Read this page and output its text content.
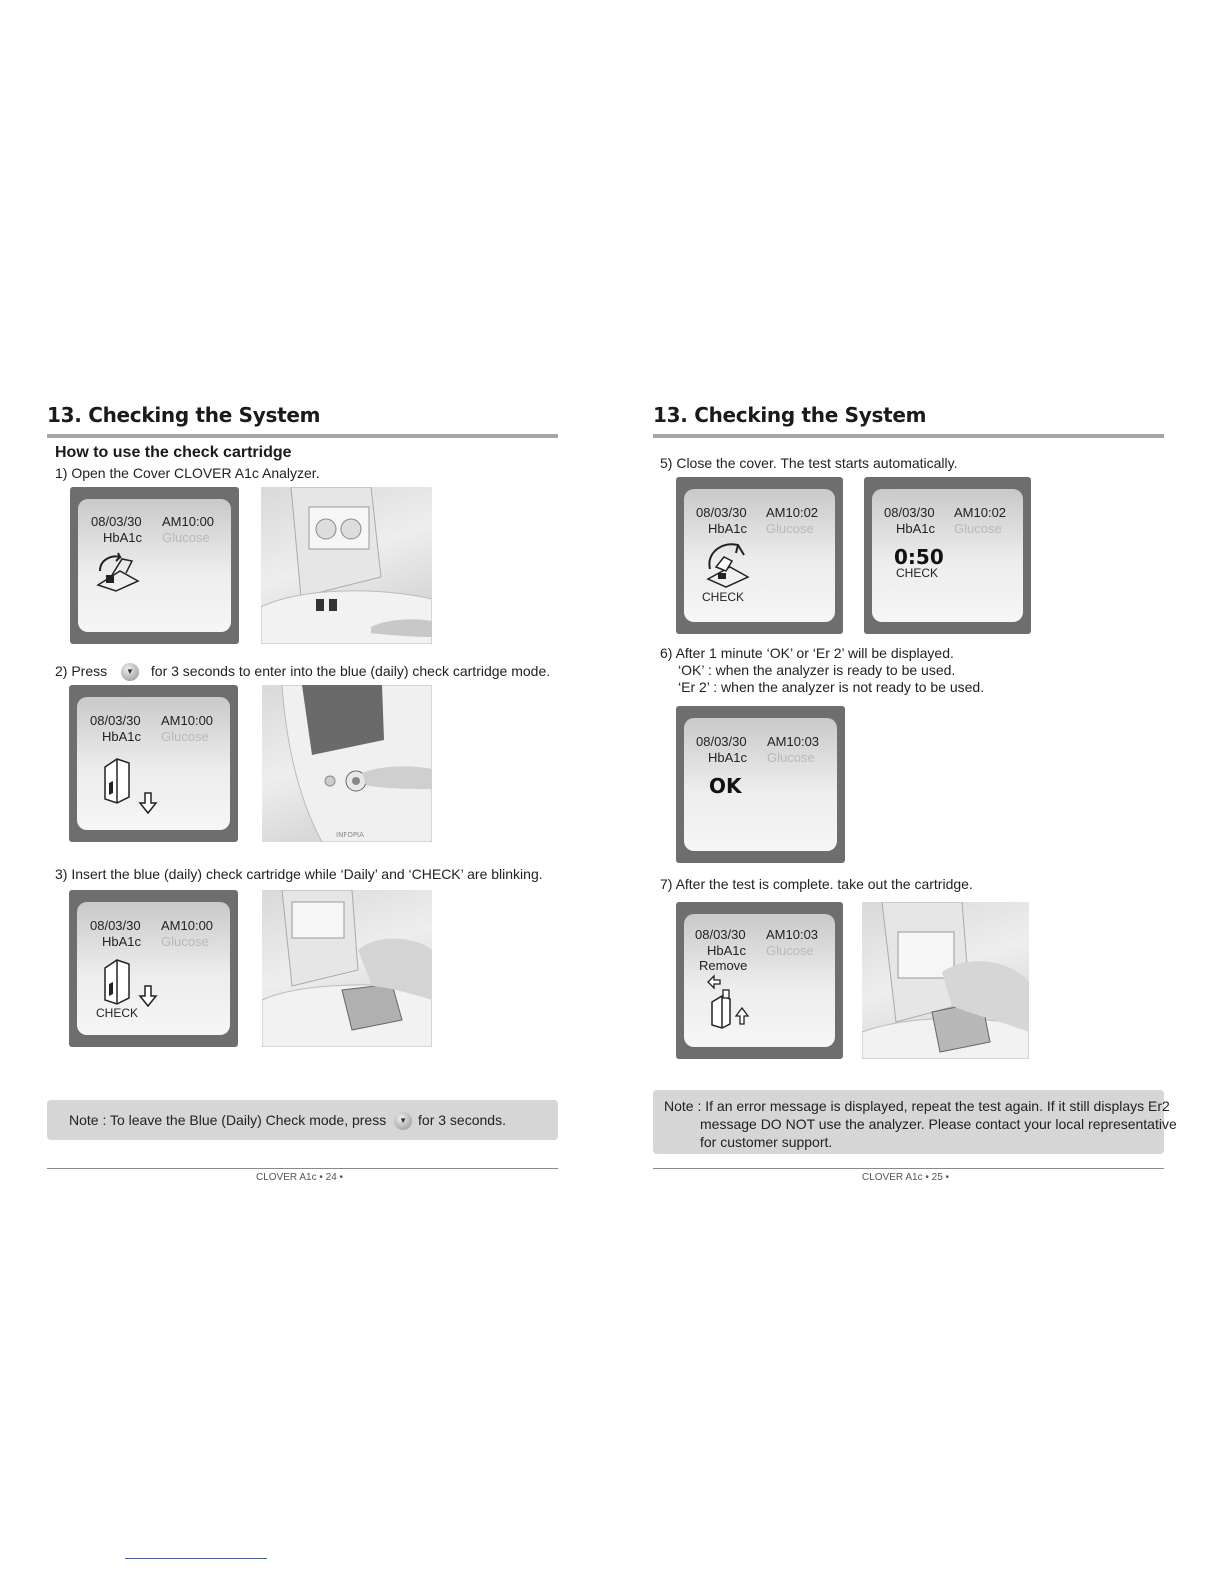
13. Checking the System
How to use the check cartridge
1) Open the Cover CLOVER A1c Analyzer.
08/03/30 AM10:00
HbA1c Glucose
2) Press ▼ for 3 seconds to enter into the blue (daily) check cartridge mode.
08/03/30 AM10:00
HbA1c Glucose
INFOPIA
3) Insert the blue (daily) check cartridge while ‘Daily’ and ‘CHECK’ are blinking.
08/03/30 AM10:00
HbA1c Glucose
CHECK
Note : To leave the Blue (Daily) Check mode, press ▼ for 3 seconds.
CLOVER A1c • 24 •
13. Checking the System
5) Close the cover. The test starts automatically.
08/03/30 AM10:02
HbA1c Glucose
CHECK
08/03/30 AM10:02
HbA1c Glucose
0:50
CHECK
6) After 1 minute ‘OK’ or ‘Er 2’ will be displayed.
‘OK’ : when the analyzer is ready to be used.
‘Er 2’ : when the analyzer is not ready to be used.
08/03/30 AM10:03
HbA1c Glucose
OK
7) After the test is complete. take out the cartridge.
08/03/30 AM10:03
HbA1c Glucose
Remove
Note : If an error message is displayed, repeat the test again. If it still displays Er2
message DO NOT use the analyzer. Please contact your local representative
for customer support.
CLOVER A1c • 25 •
